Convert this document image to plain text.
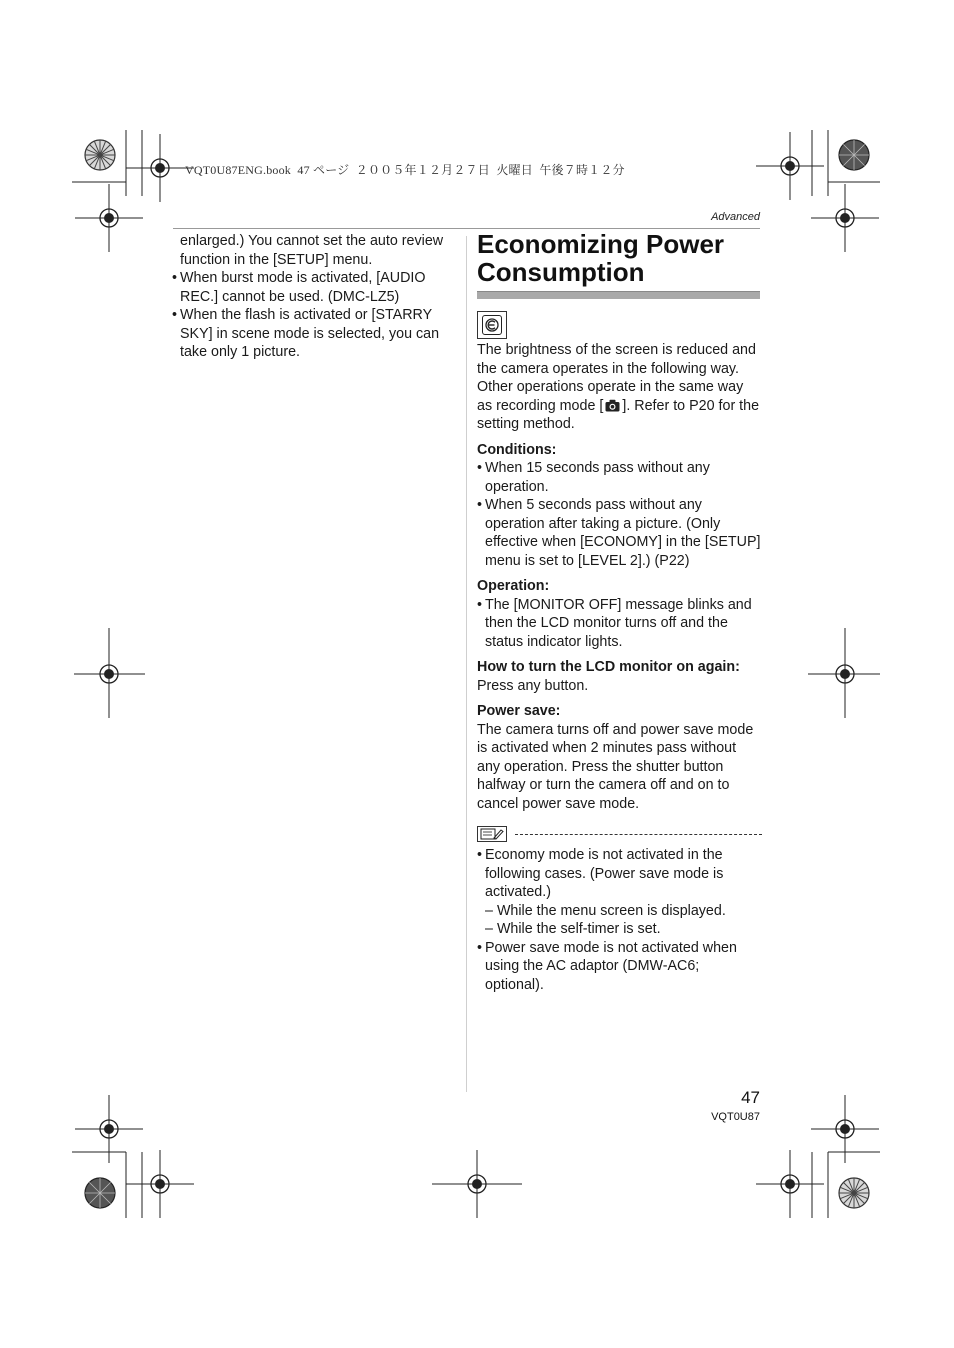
VQT0U87ENG.book  47 ページ  ２００５年１２月２７日  火曜日  午後７時１２分
Advanced
enlarged.) You cannot set the auto review function in the [SETUP] menu.
• When burst mode is activated, [AUDIO REC.] cannot be used. (DMC-LZ5)
• When the flash is activated or [STARRY SKY] in scene mode is selected, you can take only 1 picture.
Economizing Power Consumption

The brightness of the screen is reduced and the camera operates in the following way. Other operations operate in the same way as recording mode [ ]. Refer to P20 for the setting method.

Conditions:
• When 15 seconds pass without any operation.
• When 5 seconds pass without any operation after taking a picture. (Only effective when [ECONOMY] in the [SETUP] menu is set to [LEVEL 2].) (P22)
Operation:
• The [MONITOR OFF] message blinks and then the LCD monitor turns off and the status indicator lights.
How to turn the LCD monitor on again:
Press any button.
Power save:
The camera turns off and power save mode is activated when 2 minutes pass without any operation. Press the shutter button halfway or turn the camera off and on to cancel power save mode.
• Economy mode is not activated in the following cases. (Power save mode is activated.)
– While the menu screen is displayed.
– While the self-timer is set.
• Power save mode is not activated when using the AC adaptor (DMW-AC6; optional).
47
VQT0U87
